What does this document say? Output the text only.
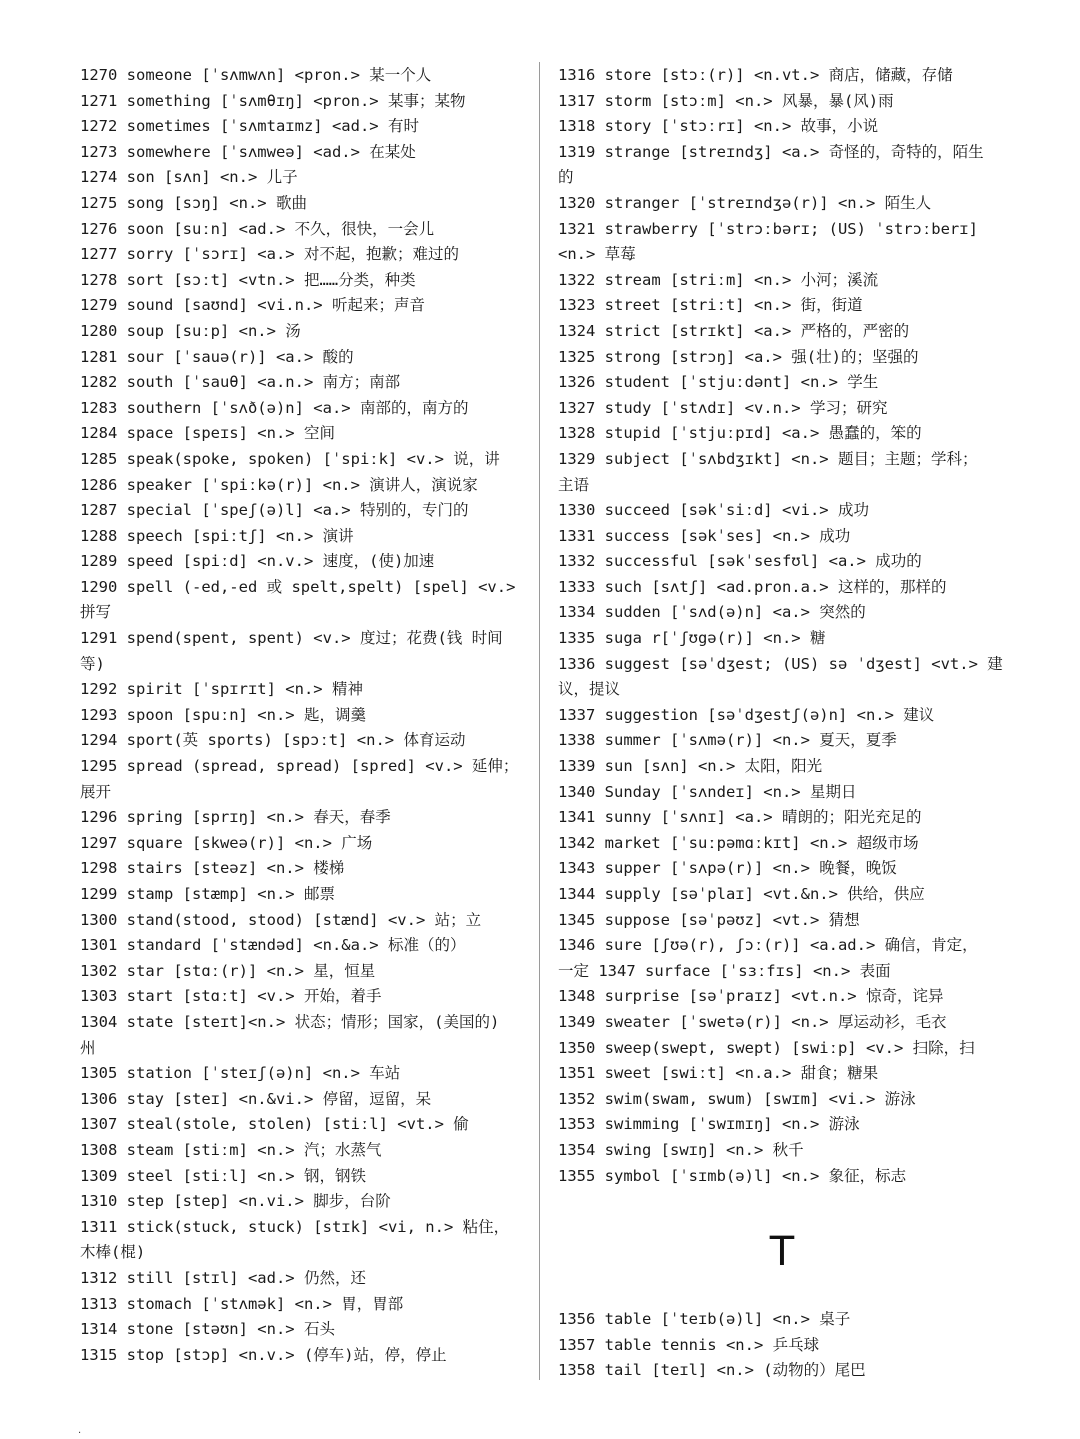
1270 someone [ˈsʌmwʌn] <pron.> 某一个人
1271 something [ˈsʌmθɪŋ] <pron.> 某事；某物
1272 sometimes [ˈsʌmtaɪmz] <ad.> 有时
1273 somewhere [ˈsʌmweə] <ad.> 在某处
1274 son [sʌn] <n.> 儿子
1275 song [sɔŋ] <n.> 歌曲
1276 soon [suːn] <ad.> 不久，很快，一会儿
1277 sorry [ˈsɔrɪ] <a.> 对不起，抱歉；难过的
1278 sort [sɔːt] <vtn.> 把……分类，种类
1279 sound [saʊnd] <vi.n.> 听起来；声音
1280 soup [suːp] <n.> 汤
1281 sour [ˈsauə(r)] <a.> 酸的
1282 south [ˈsauθ] <a.n.> 南方；南部
1283 southern [ˈsʌð(ə)n] <a.> 南部的，南方的
1284 space [speɪs] <n.> 空间
1285 speak(spoke, spoken) [ˈspiːk] <v.> 说，讲
1286 speaker [ˈspiːkə(r)] <n.> 演讲人，演说家
1287 special [ˈspeʃ(ə)l] <a.> 特别的，专门的
1288 speech [spiːtʃ] <n.> 演讲
1289 speed [spiːd] <n.v.> 速度，(使)加速
1290 spell (-ed,-ed 或 spelt,spelt) [spel] <v.>
拼写
1291 spend(spent, spent) <v.> 度过；花费(钱 时间
等)
1292 spirit [ˈspɪrɪt] <n.> 精神
1293 spoon [spuːn] <n.> 匙，调羹
1294 sport(英 sports) [spɔːt] <n.> 体育运动
1295 spread (spread, spread) [spred] <v.> 延伸；
展开
1296 spring [sprɪŋ] <n.> 春天，春季
1297 square [skweə(r)] <n.> 广场
1298 stairs [steəz] <n.> 楼梯
1299 stamp [stæmp] <n.> 邮票
1300 stand(stood, stood) [stænd] <v.> 站；立
1301 standard [ˈstændəd] <n.&a.> 标准（的）
1302 star [stɑː(r)] <n.> 星，恒星
1303 start [stɑːt] <v.> 开始，着手
1304 state [steɪt]<n.> 状态；情形；国家，(美国的)
州
1305 station [ˈsteɪʃ(ə)n] <n.> 车站
1306 stay [steɪ] <n.&vi.> 停留，逗留，呆
1307 steal(stole, stolen) [stiːl] <vt.> 偷
1308 steam [stiːm] <n.> 汽；水蒸气
1309 steel [stiːl] <n.> 钢，钢铁
1310 step [step] <n.vi.> 脚步，台阶
1311 stick(stuck, stuck) [stɪk] <vi, n.> 粘住，
木棒(棍)
1312 still [stɪl] <ad.> 仍然，还
1313 stomach [ˈstʌmək] <n.> 胃，胃部
1314 stone [stəʊn] <n.> 石头
1315 stop [stɔp] <n.v.> (停车)站，停，停止
1316 store [stɔː(r)] <n.vt.> 商店，储藏，存储
1317 storm [stɔːm] <n.> 风暴，暴(风)雨
1318 story [ˈstɔːrɪ] <n.> 故事，小说
1319 strange [streɪndʒ] <a.> 奇怪的，奇特的，陌生
的
1320 stranger [ˈstreɪndʒə(r)] <n.> 陌生人
1321 strawberry [ˈstrɔːbərɪ; (US) ˈstrɔːberɪ]
<n.> 草莓
1322 stream [striːm] <n.> 小河；溪流
1323 street [striːt] <n.> 街，街道
1324 strict [strɪkt] <a.> 严格的，严密的
1325 strong [strɔŋ] <a.> 强(壮)的；坚强的
1326 student [ˈstjuːdənt] <n.> 学生
1327 study [ˈstʌdɪ] <v.n.> 学习；研究
1328 stupid [ˈstjuːpɪd] <a.> 愚蠢的，笨的
1329 subject [ˈsʌbdʒɪkt] <n.> 题目；主题；学科；
主语
1330 succeed [səkˈsiːd] <vi.> 成功
1331 success [səkˈses] <n.> 成功
1332 successful [səkˈsesfʊl] <a.> 成功的
1333 such [sʌtʃ] <ad.pron.a.> 这样的，那样的
1334 sudden [ˈsʌd(ə)n] <a.> 突然的
1335 suga r[ˈʃʊgə(r)] <n.> 糖
1336 suggest [səˈdʒest; (US) sə ˈdʒest] <vt.> 建
议，提议
1337 suggestion [səˈdʒestʃ(ə)n] <n.> 建议
1338 summer [ˈsʌmə(r)] <n.> 夏天，夏季
1339 sun [sʌn] <n.> 太阳，阳光
1340 Sunday [ˈsʌndeɪ] <n.> 星期日
1341 sunny [ˈsʌnɪ] <a.> 晴朗的；阳光充足的
1342 market [ˈsuːpəmɑːkɪt] <n.> 超级市场
1343 supper [ˈsʌpə(r)] <n.> 晚餐，晚饭
1344 supply [səˈplaɪ] <vt.&n.> 供给，供应
1345 suppose [səˈpəʊz] <vt.> 猜想
1346 sure [ʃʊə(r), ʃɔː(r)] <a.ad.> 确信，肯定，
一定 1347 surface [ˈsɜːfɪs] <n.> 表面
1348 surprise [səˈpraɪz] <vt.n.> 惊奇，诧异
1349 sweater [ˈswetə(r)] <n.> 厚运动衫，毛衣
1350 sweep(swept, swept) [swiːp] <v.> 扫除，扫
1351 sweet [swiːt] <n.a.> 甜食；糖果
1352 swim(swam, swum) [swɪm] <vi.> 游泳
1353 swimming [ˈswɪmɪŋ] <n.> 游泳
1354 swing [swɪŋ] <n.> 秋千
1355 symbol [ˈsɪmb(ə)l] <n.> 象征，标志
T
1356 table [ˈteɪb(ə)l] <n.> 桌子
1357 table tennis <n.> 乒乓球
1358 tail [teɪl] <n.> (动物的）尾巴
.
